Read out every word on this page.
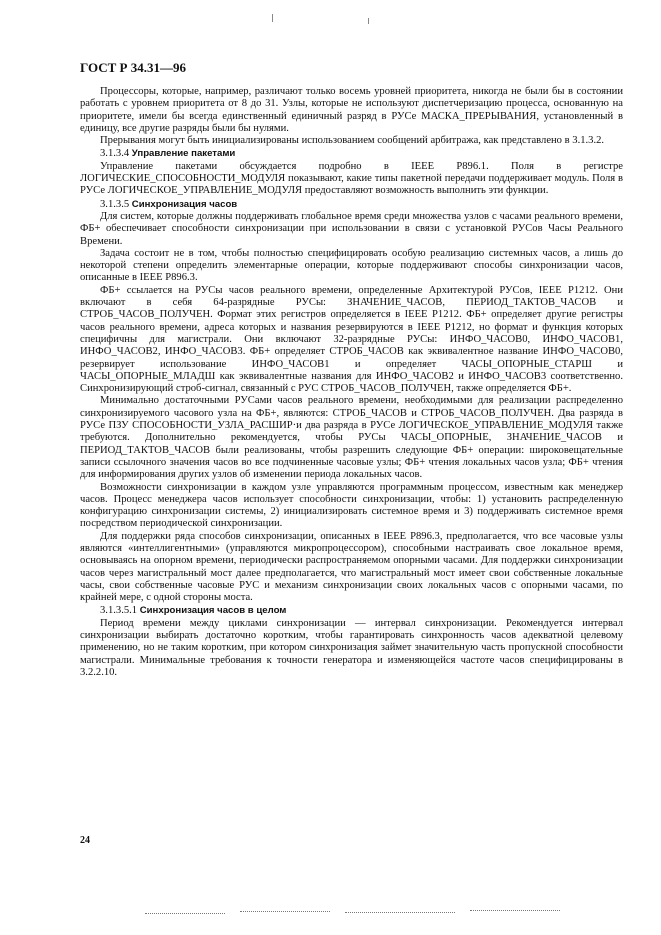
ГОСТ Р 34.31—96

Процессоры, которые, например, различают только восемь уровней приоритета, никогда не были бы в состоянии работать с уровнем приоритета от 8 до 31. Узлы, которые не используют диспетчеризацию процесса, основанную на приоритете, имели бы всегда единственный единичный разряд в РУСе МАСКА_ПРЕРЫВАНИЯ, установленный в единицу, все другие разряды были бы нулями.

Прерывания могут быть инициализированы использованием сообщений арбитража, как представлено в 3.1.3.2.

3.1.3.4 Управление пакетами

Управление пакетами обсуждается подробно в IEEE P896.1. Поля в регистре ЛОГИЧЕСКИЕ_СПОСОБНОСТИ_МОДУЛЯ показывают, какие типы пакетной передачи поддерживает модуль. Поля в РУСе ЛОГИЧЕСКОЕ_УПРАВЛЕНИЕ_МОДУЛЯ предоставляют возможность выполнить эти функции.

3.1.3.5 Синхронизация часов

Для систем, которые должны поддерживать глобальное время среди множества узлов с часами реального времени, ФБ+ обеспечивает способности синхронизации при использовании в связи с установкой РУСов Часы Реального Времени.

Задача состоит не в том, чтобы полностью специфицировать особую реализацию системных часов, а лишь до некоторой степени определить элементарные операции, которые поддерживают способы синхронизации часов, описанные в IEEE P896.3.

ФБ+ ссылается на РУСы часов реального времени, определенные Архитектурой РУСов, IEEE P1212. Они включают в себя 64-разрядные РУСы: ЗНАЧЕНИЕ_ЧАСОВ, ПЕРИОД_ТАКТОВ_ЧАСОВ и СТРОБ_ЧАСОВ_ПОЛУЧЕН. Формат этих регистров определяется в IEEE P1212. ФБ+ определяет другие регистры часов реального времени, адреса которых и названия резервируются в IEEE P1212, но формат и функция которых специфичны для магистрали. Они включают 32-разрядные РУСы: ИНФО_ЧАСОВ0, ИНФО_ЧАСОВ1, ИНФО_ЧАСОВ2, ИНФО_ЧАСОВ3. ФБ+ определяет СТРОБ_ЧАСОВ как эквивалентное название ИНФО_ЧАСОВ0, резервирует использование ИНФО_ЧАСОВ1 и определяет ЧАСЫ_ОПОРНЫЕ_СТАРШ и ЧАСЫ_ОПОРНЫЕ_МЛАДШ как эквивалентные названия для ИНФО_ЧАСОВ2 и ИНФО_ЧАСОВ3 соответственно. Синхронизирующий строб-сигнал, связанный с РУС СТРОБ_ЧАСОВ_ПОЛУЧЕН, также определяется ФБ+.

Минимально достаточными РУСами часов реального времени, необходимыми для реализации распределенно синхронизируемого часового узла на ФБ+, являются: СТРОБ_ЧАСОВ и СТРОБ_ЧАСОВ_ПОЛУЧЕН. Два разряда в РУСе ПЗУ СПОСОБНОСТИ_УЗЛА_РАСШИР·и два разряда в РУСе ЛОГИЧЕСКОЕ_УПРАВЛЕНИЕ_МОДУЛЯ также требуются. Дополнительно рекомендуется, чтобы РУСы ЧАСЫ_ОПОРНЫЕ, ЗНАЧЕНИЕ_ЧАСОВ и ПЕРИОД_ТАКТОВ_ЧАСОВ были реализованы, чтобы разрешить следующие ФБ+ операции: широковещательные записи ссылочного значения часов во все подчиненные часовые узлы; ФБ+ чтения локальных часов узла; ФБ+ чтения для информирования других узлов об изменении периода локальных часов.

Возможности синхронизации в каждом узле управляются программным процессом, известным как менеджер часов. Процесс менеджера часов использует способности синхронизации, чтобы: 1) установить распределенную конфигурацию синхронизации системы, 2) инициализировать системное время и 3) поддерживать системное время посредством периодической синхронизации.

Для поддержки ряда способов синхронизации, описанных в IEEE P896.3, предполагается, что все часовые узлы являются «интеллигентными» (управляются микропроцессором), способными настраивать свое локальное время, основываясь на опорном времени, периодически распространяемом опорными часами. Для поддержки синхронизации часов через магистральный мост далее предполагается, что магистральный мост имеет свои собственные локальные часы, свои собственные часовые РУС и механизм синхронизации своих локальных часов с опорными часами, по крайней мере, с одной стороны моста.

3.1.3.5.1 Синхронизация часов в целом

Период времени между циклами синхронизации — интервал синхронизации. Рекомендуется интервал синхронизации выбирать достаточно коротким, чтобы гарантировать синхронность часов адекватной целевому применению, но не таким коротким, при котором синхронизация займет значительную часть пропускной способности магистрали. Минимальные требования к точности генератора и изменяющейся частоте часов специфицированы в 3.2.2.10.

24
